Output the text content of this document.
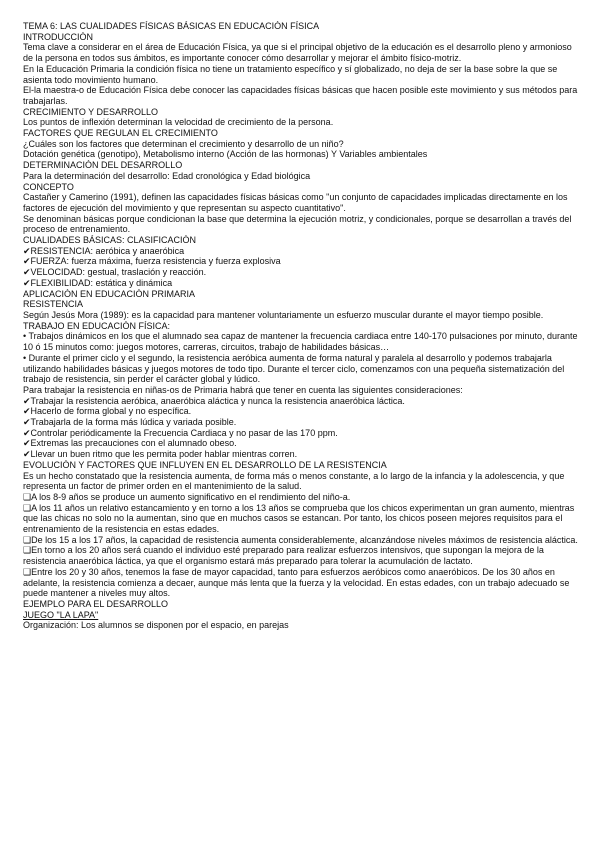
TEMA 6: LAS CUALIDADES FÍSICAS BÁSICAS EN EDUCACIÓN FÍSICA
INTRODUCCIÓN
Tema clave a considerar en el área de Educación Física, ya que si el principal objetivo de la educación es el desarrollo pleno y armonioso de la persona en todos sus ámbitos, es importante conocer cómo desarrollar y mejorar el ámbito físico-motriz.
En la Educación Primaria la condición física no tiene un tratamiento específico y sí globalizado, no deja de ser la base sobre la que se asienta todo movimiento humano.
El-la maestra-o de Educación Física debe conocer las capacidades físicas básicas que hacen posible este movimiento y sus métodos para trabajarlas.
CRECIMIENTO Y DESARROLLO
Los puntos de inflexión determinan la velocidad de crecimiento de la persona.
FACTORES QUE REGULAN EL CRECIMIENTO
¿Cuáles son los factores que determinan el crecimiento y desarrollo de un niño?
Dotación genética (genotipo), Metabolismo interno (Acción de las hormonas) Y Variables ambientales
DETERMINACIÓN DEL DESARROLLO
Para la determinación del desarrollo: Edad cronológica y Edad biológica
CONCEPTO
Castañer y Camerino (1991), definen las capacidades físicas básicas como "un conjunto de capacidades implicadas directamente en los factores de ejecución del movimiento y que representan su aspecto cuantitativo".
Se denominan básicas porque condicionan la base que determina la ejecución motriz, y condicionales, porque se desarrollan a través del proceso de entrenamiento.
CUALIDADES BÁSICAS: CLASIFICACIÓN
✔RESISTENCIA: aeróbica y anaeróbica
✔FUERZA: fuerza máxima, fuerza resistencia y fuerza explosiva
✔VELOCIDAD: gestual, traslación y reacción.
✔FLEXIBILIDAD: estática y dinámica
APLICACIÓN EN EDUCACIÓN PRIMARIA
RESISTENCIA
Según Jesús Mora (1989): es la capacidad para mantener voluntariamente un esfuerzo muscular durante el mayor tiempo posible.
TRABAJO EN EDUCACIÓN FÍSICA:
• Trabajos dinámicos en los que el alumnado sea capaz de mantener la frecuencia cardiaca entre 140-170 pulsaciones por minuto, durante 10 ó 15 minutos como: juegos motores, carreras, circuitos, trabajo de habilidades básicas…
• Durante el primer ciclo y el segundo, la resistencia aeróbica aumenta de forma natural y paralela al desarrollo y podemos trabajarla utilizando habilidades básicas y juegos motores de todo tipo. Durante el tercer ciclo, comenzamos con una pequeña sistematización del trabajo de resistencia, sin perder el carácter global y lúdico.
Para trabajar la resistencia en niñas-os de Primaria habrá que tener en cuenta las siguientes consideraciones:
✔Trabajar la resistencia aeróbica, anaeróbica aláctica y nunca la resistencia anaeróbica láctica.
✔Hacerlo de forma global y no específica.
✔Trabajarla de la forma más lúdica y variada posible.
✔Controlar periódicamente la Frecuencia Cardiaca y no pasar de las 170 ppm.
✔Extremas las precauciones con el alumnado obeso.
✔Llevar un buen ritmo que les permita poder hablar mientras corren.
EVOLUCIÓN Y FACTORES QUE INFLUYEN EN EL DESARROLLO DE LA RESISTENCIA
Es un hecho constatado que la resistencia aumenta, de forma más o menos constante, a lo largo de la infancia y la adolescencia, y que representa un factor de primer orden en el mantenimiento de la salud.
❑A los 8-9 años se produce un aumento significativo en el rendimiento del niño-a.
❑A los 11 años un relativo estancamiento y en torno a los 13 años se comprueba que los chicos experimentan un gran aumento, mientras que las chicas no solo no la aumentan, sino que en muchos casos se estancan. Por tanto, los chicos poseen mejores requisitos para el entrenamiento de la resistencia en estas edades.
❑De los 15 a los 17 años, la capacidad de resistencia aumenta considerablemente, alcanzándose niveles máximos de resistencia aláctica.
❑En torno a los 20 años será cuando el individuo esté preparado para realizar esfuerzos intensivos, que supongan la mejora de la resistencia anaeróbica láctica, ya que el organismo estará más preparado para tolerar la acumulación de lactato.
❑Entre los 20 y 30 años, tenemos la fase de mayor capacidad, tanto para esfuerzos aeróbicos como anaeróbicos. De los 30 años en adelante, la resistencia comienza a decaer, aunque más lenta que la fuerza y la velocidad. En estas edades, con un trabajo adecuado se puede mantener a niveles muy altos.
EJEMPLO PARA EL DESARROLLO
JUEGO "LA LAPA"
Organización: Los alumnos se disponen por el espacio, en parejas
